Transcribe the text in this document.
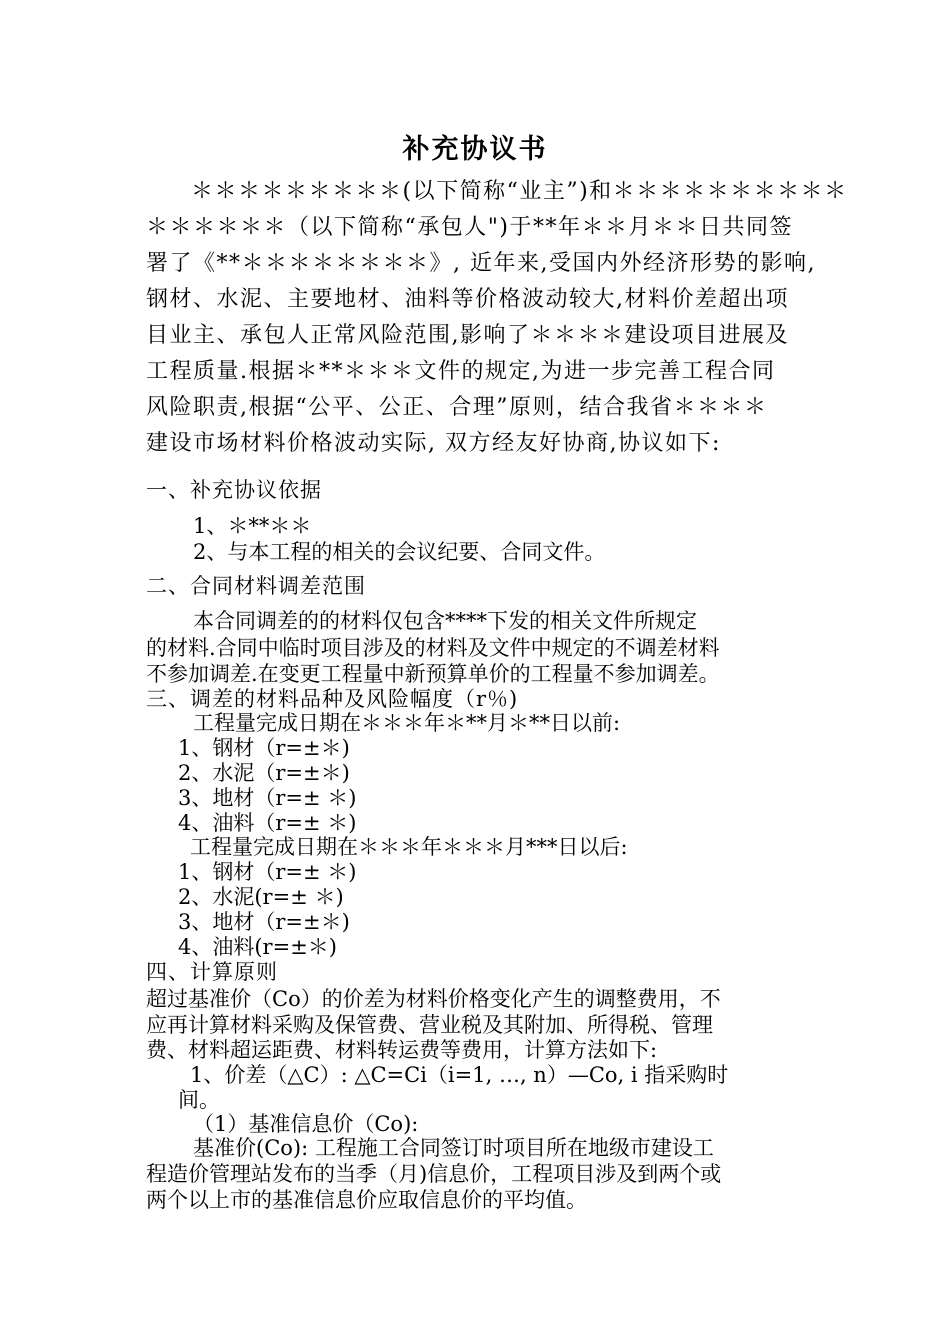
补充协议书
＊＊＊＊＊＊＊＊＊(以下简称“业主”)和＊＊＊＊＊＊＊＊＊＊
＊＊＊＊＊＊（以下简称“承包人")于**年＊＊月＊＊日共同签
署了《**＊＊＊＊＊＊＊＊》, 近年来,受国内外经济形势的影响,
钢材、水泥、主要地材、油料等价格波动较大,材料价差超出项
目业主、承包人正常风险范围,影响了＊＊＊＊建设项目进展及
工程质量.根据＊**＊＊＊文件的规定,为进一步完善工程合同
风险职责,根据“公平、公正、合理”原则，结合我省＊＊＊＊
建设市场材料价格波动实际, 双方经友好协商,协议如下:
一、补充协议依据
1、＊**＊＊
2、与本工程的相关的会议纪要、合同文件。
二、合同材料调差范围
本合同调差的的材料仅包含****下发的相关文件所规定
的材料.合同中临时项目涉及的材料及文件中规定的不调差材料
不参加调差.在变更工程量中新预算单价的工程量不参加调差。
三、调差的材料品种及风险幅度（r％)
工程量完成日期在＊＊＊年＊**月＊**日以前:
1、钢材（r=±＊)
2、水泥（r=±＊)
3、地材（r=± ＊)
4、油料（r=± ＊)
工程量完成日期在＊＊＊年＊＊＊月***日以后:
1、钢材（r=± ＊)
2、水泥(r=± ＊)
3、地材（r=±＊)
4、油料(r=±＊)
四、计算原则
超过基准价（Co）的价差为材料价格变化产生的调整费用，不
应再计算材料采购及保管费、营业税及其附加、所得税、管理
费、材料超运距费、材料转运费等费用，计算方法如下:
1、价差（△C）: △C=Ci（i=1, …, n）—Co, i 指采购时
间。
（1）基准信息价（Co):
基准价(Co): 工程施工合同签订时项目所在地级市建设工
程造价管理站发布的当季（月)信息价，工程项目涉及到两个或
两个以上市的基准信息价应取信息价的平均值。
